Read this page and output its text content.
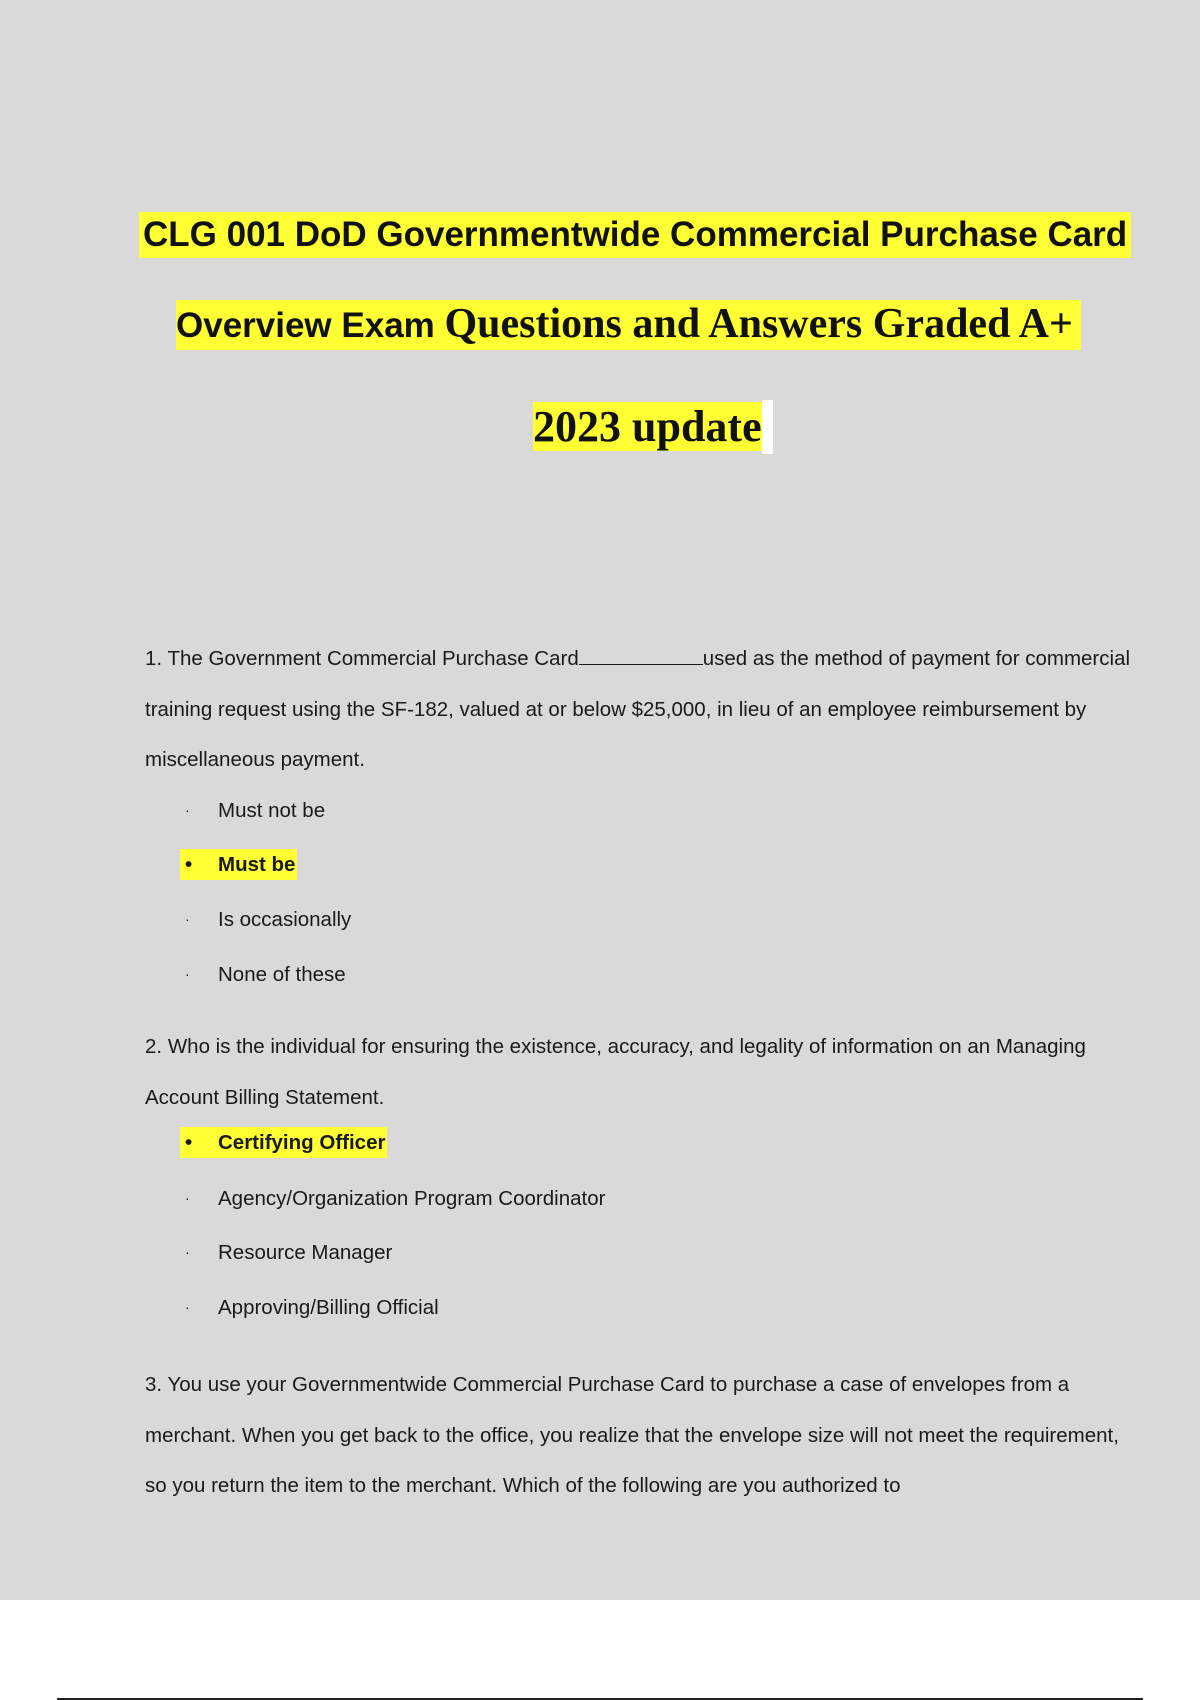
CLG 001 DoD Governmentwide Commercial Purchase Card
Overview Exam Questions and Answers Graded A+
2023 update
1. The Government Commercial Purchase Card	used as the method of payment for commercial training request using the SF-182, valued at or below $25,000, in lieu of an employee reimbursement by miscellaneous payment.
· Must not be
• Must be
· Is occasionally
· None of these
2. Who is the individual for ensuring the existence, accuracy, and legality of information on an Managing Account Billing Statement.
• Certifying Officer
· Agency/Organization Program Coordinator
· Resource Manager
· Approving/Billing Official
3. You use your Governmentwide Commercial Purchase Card to purchase a case of envelopes from a merchant. When you get back to the office, you realize that the envelope size will not meet the requirement, so you return the item to the merchant. Which of the following are you authorized to
